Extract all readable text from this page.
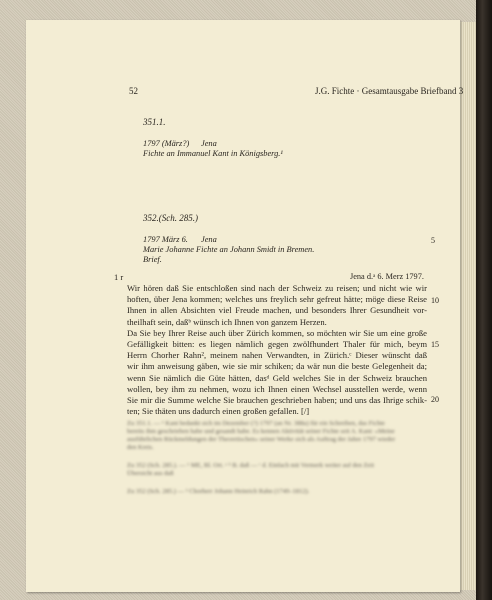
52	J.G. Fichte · Gesamtausgabe Briefband 3
351.1.
1797 (März?) Jena
Fichte an Immanuel Kant in Königsberg.¹
352.(Sch. 285.)
1797 März 6. Jena
Marie Johanne Fichte an Johann Smidt in Bremen.
Brief.
1 r	Jena d.ᵃ 6. Merz 1797.
Wir hören daß Sie entschloßen sind nach der Schweiz zu reisen; und nicht wie wir
hoften, über Jena kommen; welches uns freylich sehr gefreut hätte; möge diese Reise
Ihnen in allen Absichten viel Freude machen, und besonders Ihrer Gesundheit vor-
theilhaft sein, daßᵇ wünsch ich Ihnen von ganzem Herzen.
Da Sie bey Ihrer Reise auch über Zürich kommen, so möchten wir Sie um eine große
Gefälligkeit bitten: es liegen nämlich gegen zwölfhundert Thaler für mich, beym
Herrn Chorher Rahn², meinem nahen Verwandten, in Zürich.ᶜ Dieser wünscht daß
wir ihm anweisung gäben, wie sie mir schiken; da wär nun die beste Gelegenheit da;
wenn Sie nämlich die Güte hätten, dasᵈ Geld welches Sie in der Schweiz brauchen
wollen, bey ihm zu nehmen, wozu ich Ihnen einen Wechsel ausstellen werde, wenn
Sie mir die Summe welche Sie brauchen geschrieben haben; und uns das Ihrige schik-
ten; Sie thäten uns dadurch einen großen gefallen. [/]
5
10
15
20
Zu 351.1. — ¹ Kant bedankt sich im Dezember (?) 1797 (an Nr. 388a) für ein Schreiben, das Fichte
bereits ihm geschrieben habe und gesandt habe. Es kennen Aktivität seiner Fichte seit A. Kant: »Meine
ausführlichen Rückmeldungen der Theoretischen« seiner Werke sich als Auftrag der Jahre 1797 wieder
den Kreis.
Zu 352 (Sch. 285.). — ¹ ME, Bl. Ort. ᵃ ᵇ B. daß — ᶜ d. Einfach mit Vermerk weiter auf den Zeit
Übersicht aus daß
Zu 352 (Sch. 285.) — ² Chorherr Johann Heinrich Rahn (1749–1812).
